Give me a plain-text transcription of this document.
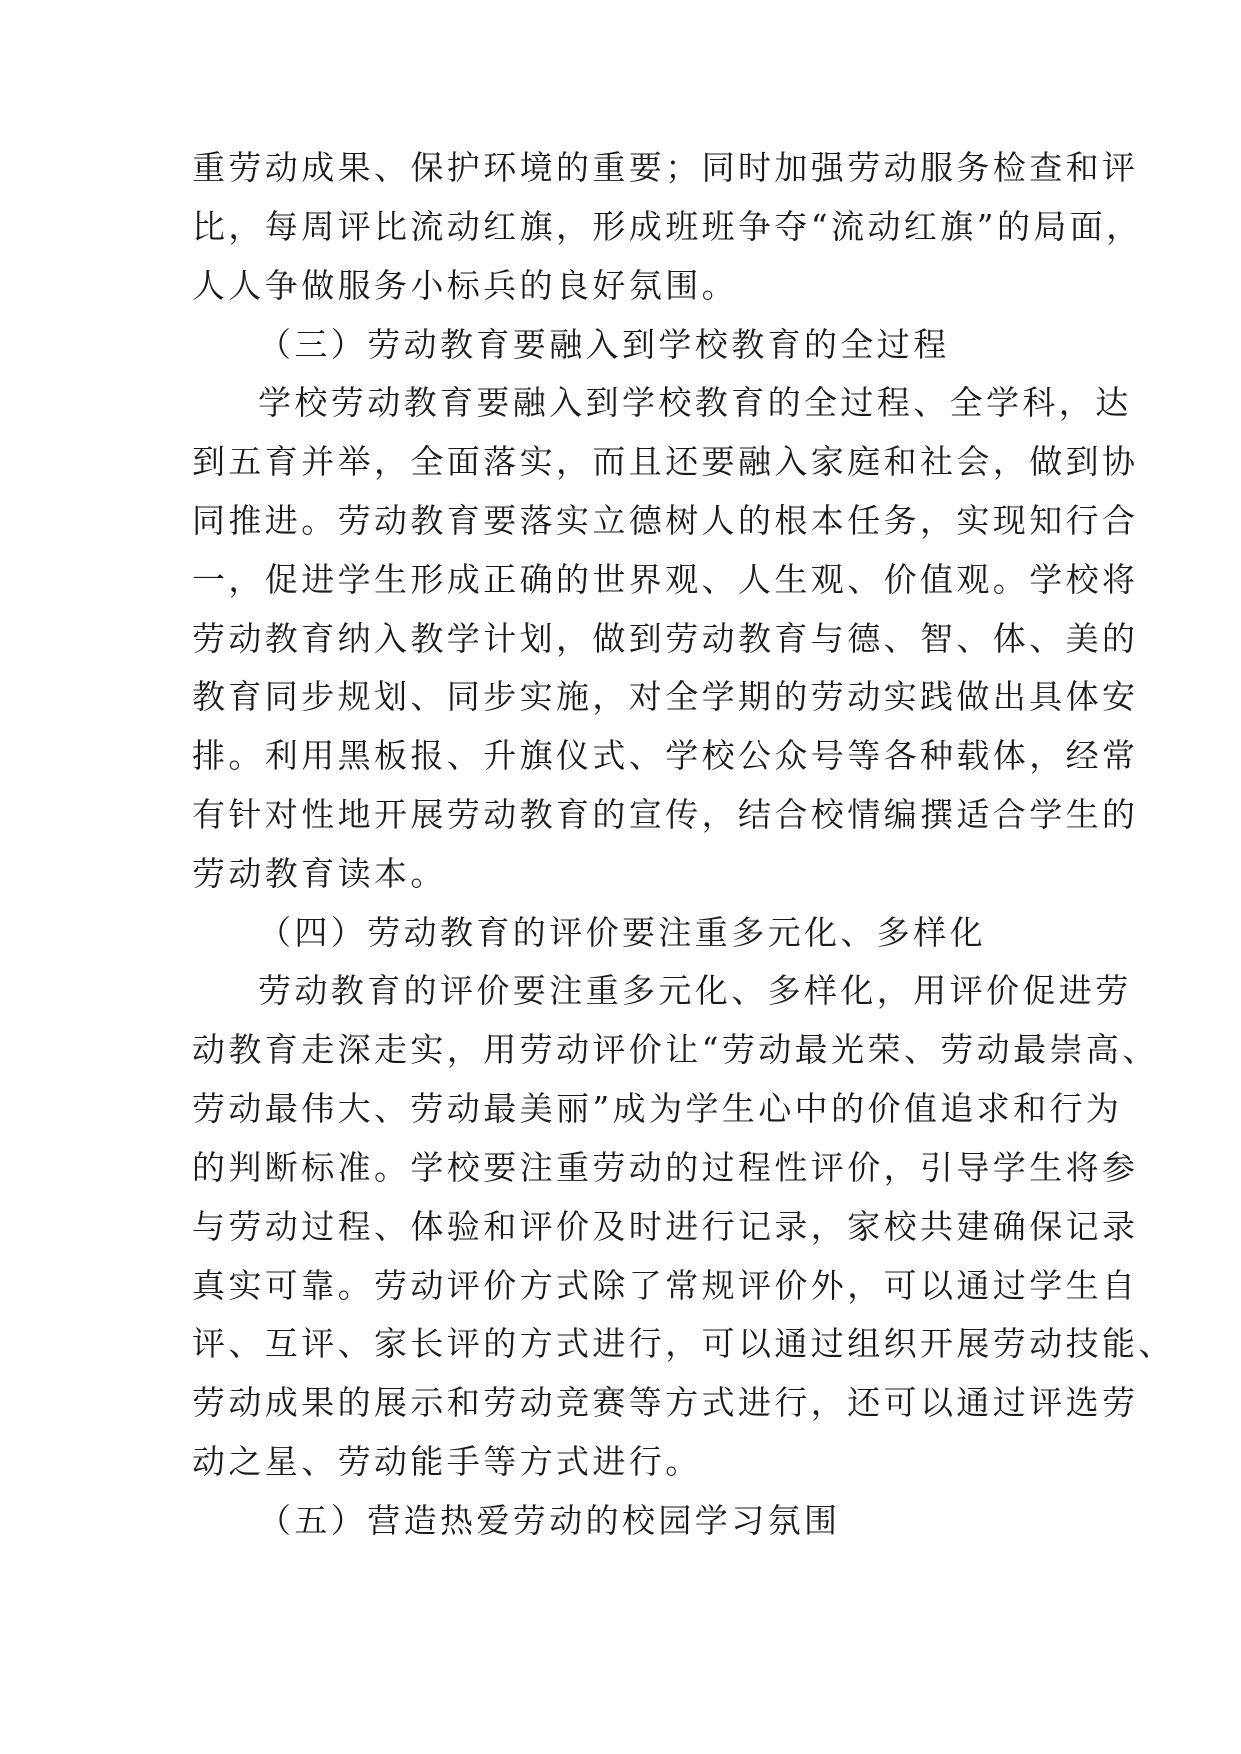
重劳动成果、保护环境的重要；同时加强劳动服务检查和评
比，每周评比流动红旗，形成班班争夺“流动红旗”的局面，
人人争做服务小标兵的良好氛围。
（三）劳动教育要融入到学校教育的全过程
学校劳动教育要融入到学校教育的全过程、全学科，达
到五育并举，全面落实，而且还要融入家庭和社会，做到协
同推进。劳动教育要落实立德树人的根本任务，实现知行合
一，促进学生形成正确的世界观、人生观、价值观。学校将
劳动教育纳入教学计划，做到劳动教育与德、智、体、美的
教育同步规划、同步实施，对全学期的劳动实践做出具体安
排。利用黑板报、升旗仪式、学校公众号等各种载体，经常
有针对性地开展劳动教育的宣传，结合校情编撰适合学生的
劳动教育读本。
（四）劳动教育的评价要注重多元化、多样化
劳动教育的评价要注重多元化、多样化，用评价促进劳
动教育走深走实，用劳动评价让“劳动最光荣、劳动最崇高、
劳动最伟大、劳动最美丽”成为学生心中的价值追求和行为
的判断标准。学校要注重劳动的过程性评价，引导学生将参
与劳动过程、体验和评价及时进行记录，家校共建确保记录
真实可靠。劳动评价方式除了常规评价外，可以通过学生自
评、互评、家长评的方式进行，可以通过组织开展劳动技能、
劳动成果的展示和劳动竞赛等方式进行，还可以通过评选劳
动之星、劳动能手等方式进行。
（五）营造热爱劳动的校园学习氛围
